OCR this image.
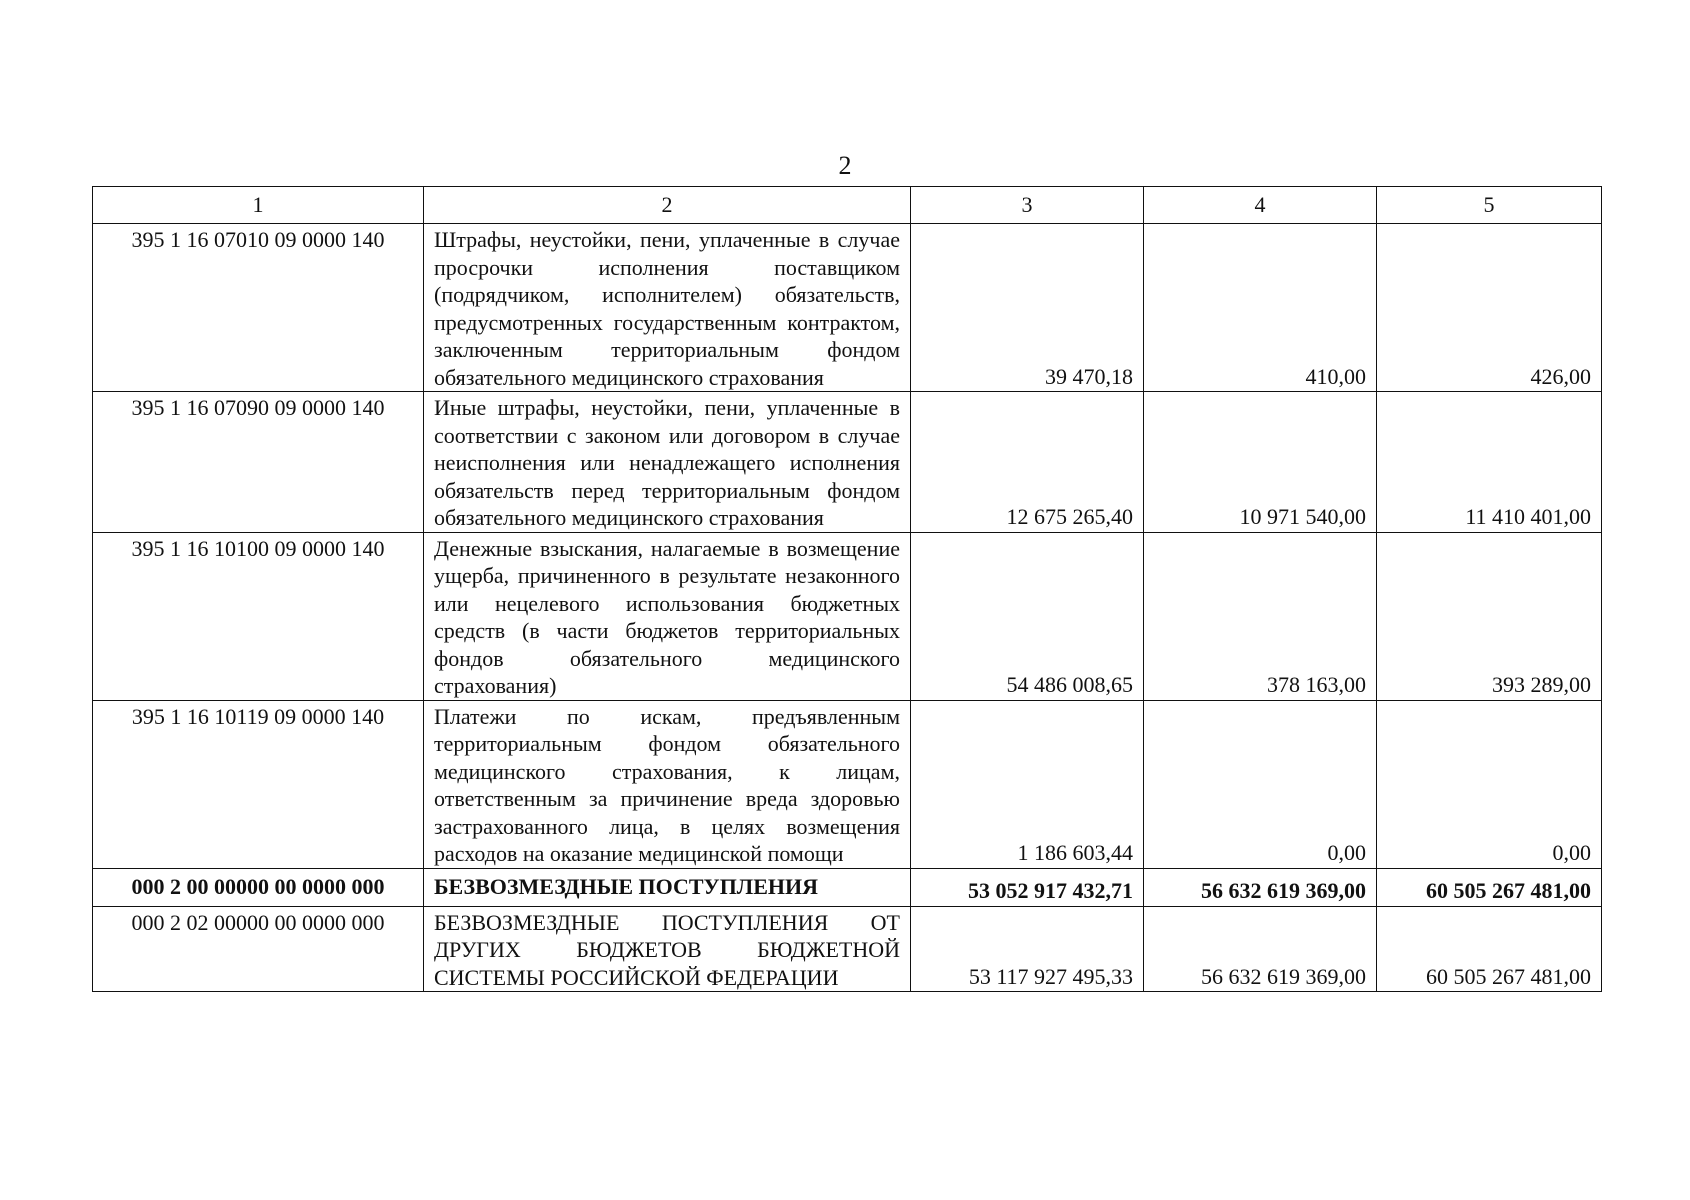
2
1	2	3	4	5
395 1 16 07010 09 0000 140	Штрафы, неустойки, пени, уплаченные в случае просрочки исполнения поставщиком (подрядчиком, исполнителем) обязательств, предусмотренных государственным контрактом, заключенным территориальным фондом обязательного медицинского страхования	39 470,18	410,00	426,00
395 1 16 07090 09 0000 140	Иные штрафы, неустойки, пени, уплаченные в соответствии с законом или договором в случае неисполнения или ненадлежащего исполнения обязательств перед территориальным фондом обязательного медицинского страхования	12 675 265,40	10 971 540,00	11 410 401,00
395 1 16 10100 09 0000 140	Денежные взыскания, налагаемые в возмещение ущерба, причиненного в результате незаконного или нецелевого использования бюджетных средств (в части бюджетов территориальных фондов обязательного медицинского страхования)	54 486 008,65	378 163,00	393 289,00
395 1 16 10119 09 0000 140	Платежи по искам, предъявленным территориальным фондом обязательного медицинского страхования, к лицам, ответственным за причинение вреда здоровью застрахованного лица, в целях возмещения расходов на оказание медицинской помощи	1 186 603,44	0,00	0,00
000 2 00 00000 00 0000 000	БЕЗВОЗМЕЗДНЫЕ ПОСТУПЛЕНИЯ	53 052 917 432,71	56 632 619 369,00	60 505 267 481,00
000 2 02 00000 00 0000 000	БЕЗВОЗМЕЗДНЫЕ ПОСТУПЛЕНИЯ ОТ ДРУГИХ БЮДЖЕТОВ БЮДЖЕТНОЙ СИСТЕМЫ РОССИЙСКОЙ ФЕДЕРАЦИИ	53 117 927 495,33	56 632 619 369,00	60 505 267 481,00
